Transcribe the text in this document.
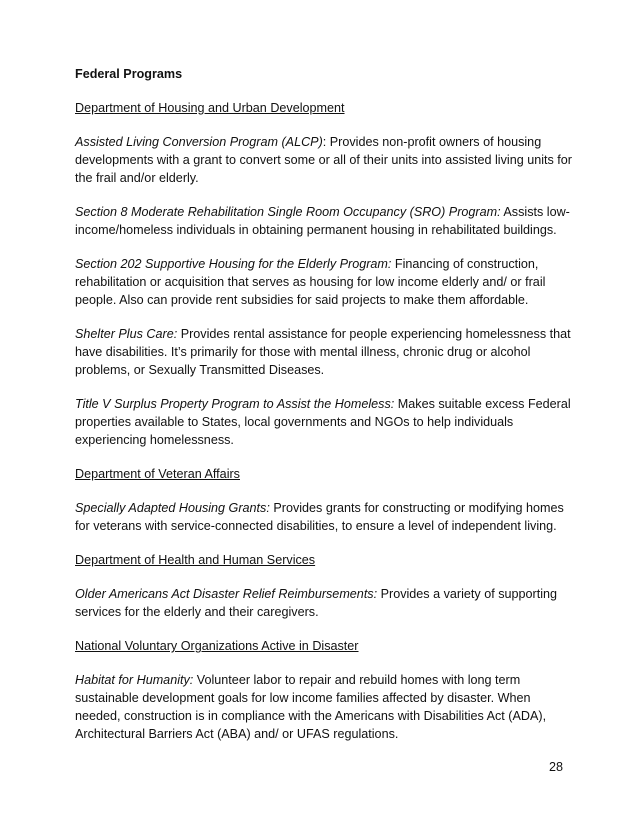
Federal Programs

Department of Housing and Urban Development

Assisted Living Conversion Program (ALCP): Provides non-profit owners of housing developments with a grant to convert some or all of their units into assisted living units for the frail and/or elderly.

Section 8 Moderate Rehabilitation Single Room Occupancy (SRO) Program: Assists low-income/homeless individuals in obtaining permanent housing in rehabilitated buildings.

Section 202 Supportive Housing for the Elderly Program: Financing of construction, rehabilitation or acquisition that serves as housing for low income elderly and/ or frail people. Also can provide rent subsidies for said projects to make them affordable.

Shelter Plus Care: Provides rental assistance for people experiencing homelessness that have disabilities. It’s primarily for those with mental illness, chronic drug or alcohol problems, or Sexually Transmitted Diseases.

Title V Surplus Property Program to Assist the Homeless: Makes suitable excess Federal properties available to States, local governments and NGOs to help individuals experiencing homelessness.

Department of Veteran Affairs

Specially Adapted Housing Grants: Provides grants for constructing or modifying homes for veterans with service-connected disabilities, to ensure a level of independent living.

Department of Health and Human Services

Older Americans Act Disaster Relief Reimbursements: Provides a variety of supporting services for the elderly and their caregivers.

National Voluntary Organizations Active in Disaster

Habitat for Humanity: Volunteer labor to repair and rebuild homes with long term sustainable development goals for low income families affected by disaster. When needed, construction is in compliance with the Americans with Disabilities Act (ADA), Architectural Barriers Act (ABA) and/ or UFAS regulations.

28
